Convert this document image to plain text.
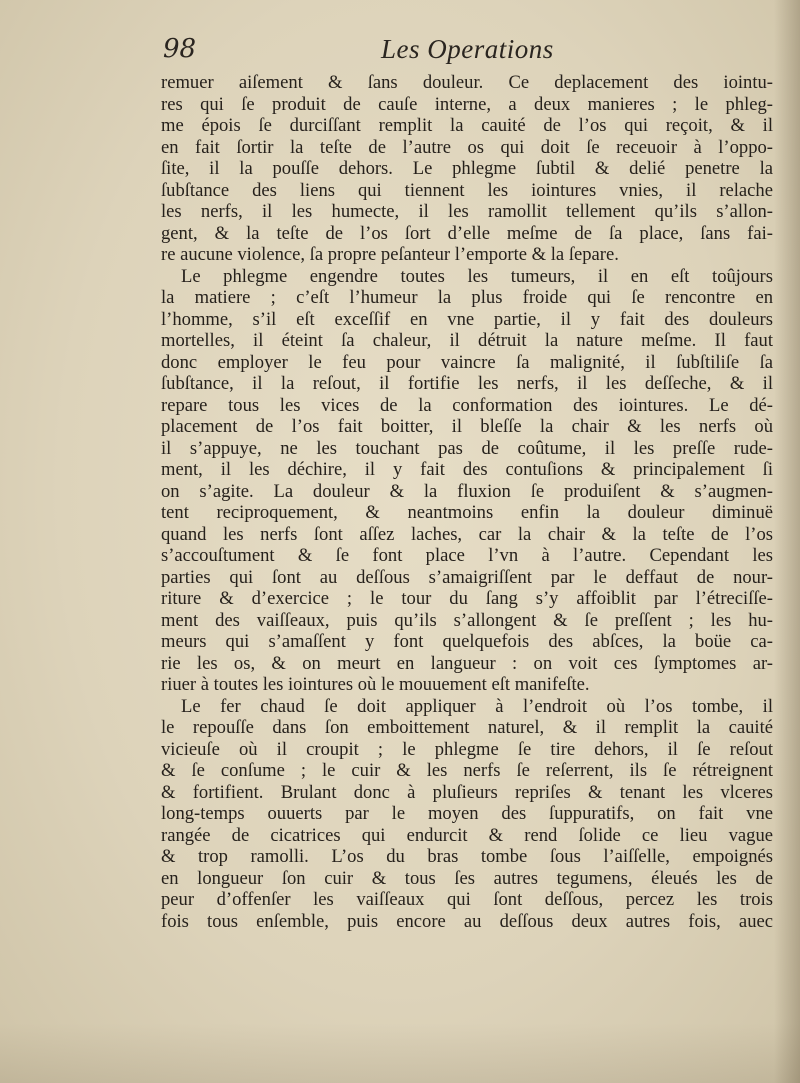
98	Les Operations
remuer aiſement & ſans douleur. Ce deplacement des iointu-
res qui ſe produit de cauſe interne, a deux manieres ; le phleg-
me épois ſe durciſſant remplit la cauité de l’os qui reçoit, & il
en fait ſortir la teſte de l’autre os qui doit ſe receuoir à l’oppo-
ſite, il la pouſſe dehors. Le phlegme ſubtil & delié penetre la
ſubſtance des liens qui tiennent les iointures vnies, il relache
les nerfs, il les humecte, il les ramollit tellement qu’ils s’allon-
gent, & la teſte de l’os ſort d’elle meſme de ſa place, ſans fai-
re aucune violence, ſa propre peſanteur l’emporte & la ſepare.
Le phlegme engendre toutes les tumeurs, il en eſt toûjours
la matiere ; c’eſt l’humeur la plus froide qui ſe rencontre en
l’homme, s’il eſt exceſſif en vne partie, il y fait des douleurs
mortelles, il éteint ſa chaleur, il détruit la nature meſme. Il faut
donc employer le feu pour vaincre ſa malignité, il ſubſtiliſe ſa
ſubſtance, il la reſout, il fortifie les nerfs, il les deſſeche, & il
repare tous les vices de la conformation des iointures. Le dé-
placement de l’os fait boitter, il bleſſe la chair & les nerfs où
il s’appuye, ne les touchant pas de coûtume, il les preſſe rude-
ment, il les déchire, il y fait des contuſions & principalement ſi
on s’agite. La douleur & la fluxion ſe produiſent & s’augmen-
tent reciproquement, & neantmoins enfin la douleur diminuë
quand les nerfs ſont aſſez laches, car la chair & la teſte de l’os
s’accouſtument & ſe font place l’vn à l’autre. Cependant les
parties qui ſont au deſſous s’amaigriſſent par le deffaut de nour-
riture & d’exercice ; le tour du ſang s’y affoiblit par l’étreciſſe-
ment des vaiſſeaux, puis qu’ils s’allongent & ſe preſſent ; les hu-
meurs qui s’amaſſent y font quelquefois des abſces, la boüe ca-
rie les os, & on meurt en langueur : on voit ces ſymptomes ar-
riuer à toutes les iointures où le mouuement eſt manifeſte.
Le fer chaud ſe doit appliquer à l’endroit où l’os tombe, il
le repouſſe dans ſon emboittement naturel, & il remplit la cauité
vicieuſe où il croupit ; le phlegme ſe tire dehors, il ſe reſout
& ſe conſume ; le cuir & les nerfs ſe reſerrent, ils ſe rétreignent
& fortifient. Brulant donc à pluſieurs repriſes & tenant les vlceres
long-temps ouuerts par le moyen des ſuppuratifs, on fait vne
rangée de cicatrices qui endurcit & rend ſolide ce lieu vague
& trop ramolli. L’os du bras tombe ſous l’aiſſelle, empoignés
en longueur ſon cuir & tous ſes autres tegumens, éleués les de
peur d’offenſer les vaiſſeaux qui ſont deſſous, percez les trois
fois tous enſemble, puis encore au deſſous deux autres fois, auec
